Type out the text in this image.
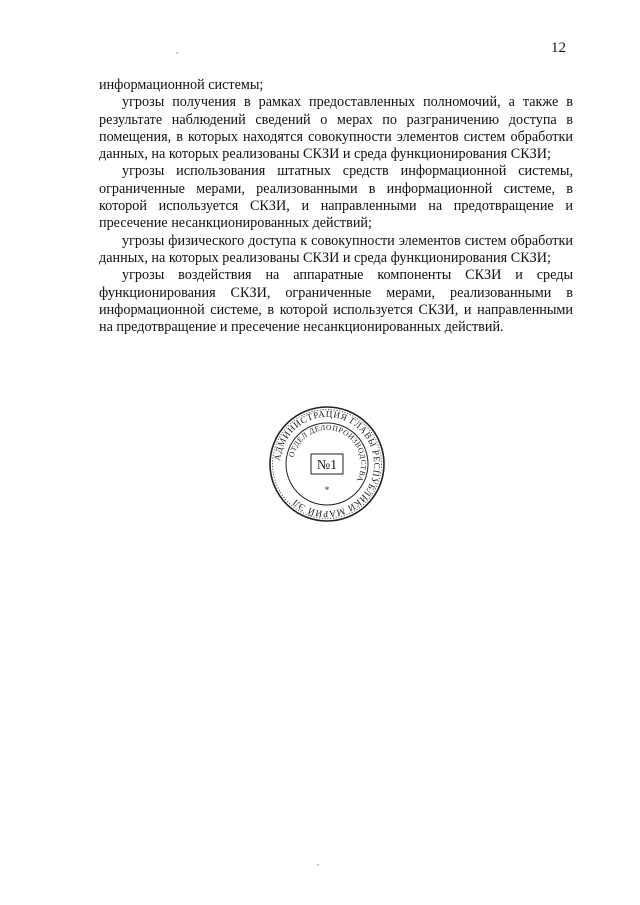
12

информационной системы;

угрозы получения в рамках предоставленных полномочий, а также в результате наблюдений сведений о мерах по разграничению доступа в помещения, в которых находятся совокупности элементов систем обработки данных, на которых реализованы СКЗИ и среда функционирования СКЗИ;

угрозы использования штатных средств информационной системы, ограниченные мерами, реализованными в информационной системе, в которой используется СКЗИ, и направленными на предотвращение и пресечение несанкционированных действий;

угрозы физического доступа к совокупности элементов систем обработки данных, на которых реализованы СКЗИ и среда функционирования СКЗИ;

угрозы воздействия на аппаратные компоненты СКЗИ и среды функционирования СКЗИ, ограниченные мерами, реализованными в информационной системе, в которой используется СКЗИ, и направленными на предотвращение и пресечение несанкционированных действий.

АДМИНИСТРАЦИЯ ГЛАВЫ РЕСПУБЛИКИ МАРИЙ ЭЛ
ОТДЕЛ ДЕЛОПРОИЗВОДСТВА
№1
*
